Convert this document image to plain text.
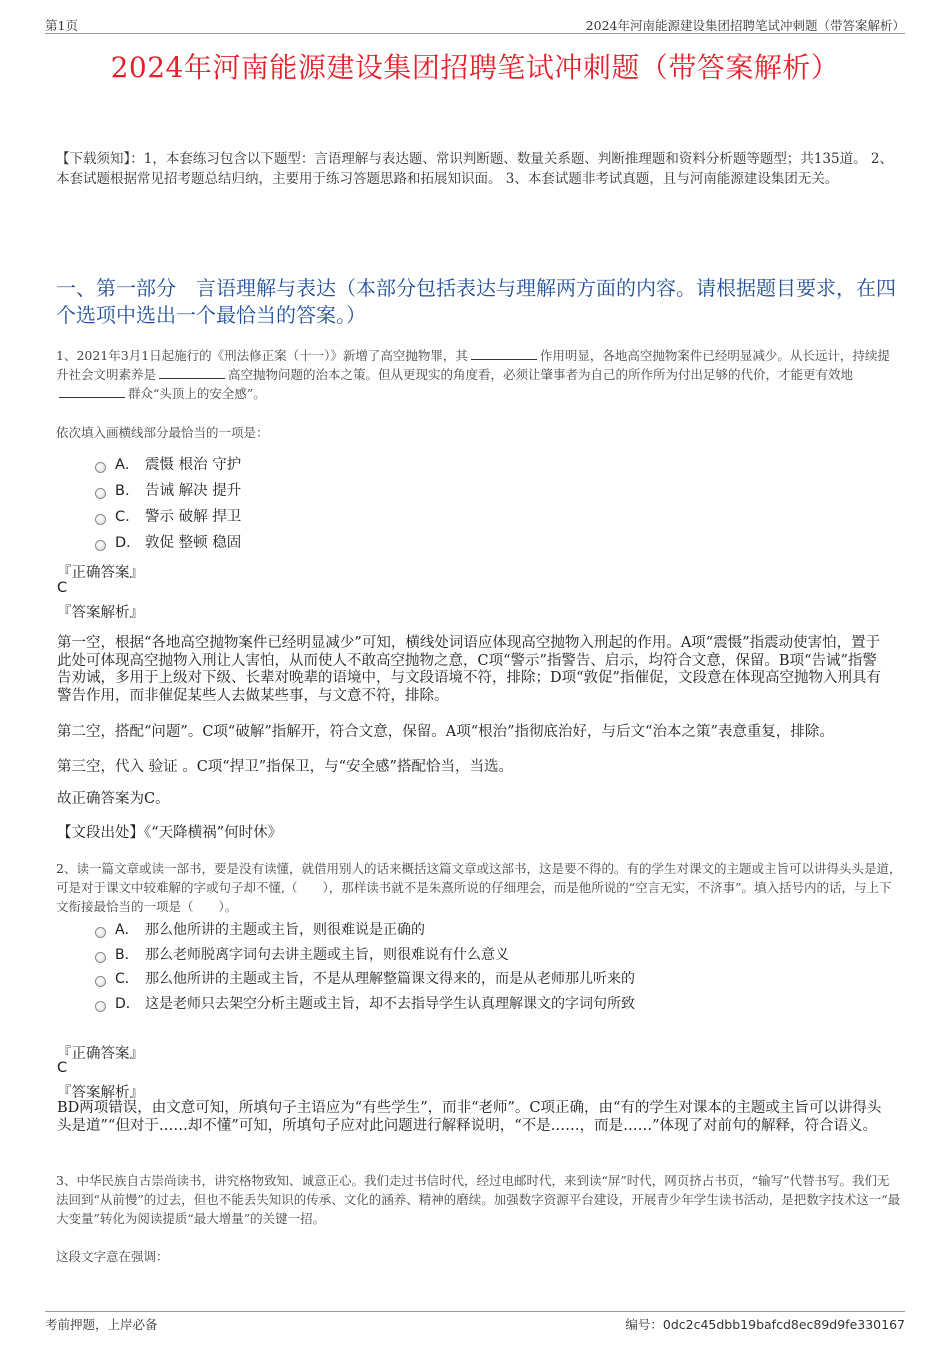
第1页	2024年河南能源建设集团招聘笔试冲刺题（带答案解析）
2024年河南能源建设集团招聘笔试冲刺题（带答案解析）
【下载须知】：1，本套练习包含以下题型：言语理解与表达题、常识判断题、数量关系题、判断推理题和资料分析题等题型；共135道。 2、本套试题根据常见招考题总结归纳，主要用于练习答题思路和拓展知识面。 3、本套试题非考试真题，且与河南能源建设集团无关。
一、第一部分　言语理解与表达（本部分包括表达与理解两方面的内容。请根据题目要求，在四个选项中选出一个最恰当的答案。）
1、2021年3月1日起施行的《刑法修正案（十一）》新增了高空抛物罪，其	作用明显，各地高空抛物案件已经明显减少。从长远计，持续提升社会文明素养是	高空抛物问题的治本之策。但从更现实的角度看，必须让肇事者为自己的所作所为付出足够的代价，才能更有效地群众“头顶上的安全感”。
依次填入画横线部分最恰当的一项是：
A． 震慑 根治 守护
B． 告诫 解决 提升
C． 警示 破解 捍卫
D． 敦促 整顿 稳固
『正确答案』
C
『答案解析』
第一空，根据“各地高空抛物案件已经明显减少”可知，横线处词语应体现高空抛物入刑起的作用。A项“震慑”指震动使害怕，置于此处可体现高空抛物入刑让人害怕，从而使人不敢高空抛物之意，C项“警示”指警告、启示，均符合文意，保留。B项“告诫”指警告劝诫，多用于上级对下级、长辈对晚辈的语境中，与文段语境不符，排除；D项“敦促”指催促，文段意在体现高空抛物入刑具有警告作用，而非催促某些人去做某些事，与文意不符，排除。
第二空，搭配“问题”。C项“破解”指解开，符合文意，保留。A项“根治”指彻底治好，与后文“治本之策”表意重复，排除。
第三空，代入 验证 。C项“捍卫”指保卫，与“安全感”搭配恰当，当选。
故正确答案为C。
【文段出处】《“天降横祸”何时休》
2、读一篇文章或读一部书，要是没有读懂，就借用别人的话来概括这篇文章或这部书，这是要不得的。有的学生对课文的主题或主旨可以讲得头头是道，可是对于课文中较难解的字或句子却不懂,（　　），那样读书就不是朱熹所说的仔细理会，而是他所说的“空言无实，不济事”。填入括号内的话，与上下文衔接最恰当的一项是（　　）。
A． 那么他所讲的主题或主旨，则很难说是正确的
B． 那么老师脱离字词句去讲主题或主旨，则很难说有什么意义
C． 那么他所讲的主题或主旨，不是从理解整篇课文得来的，而是从老师那儿听来的
D． 这是老师只去架空分析主题或主旨，却不去指导学生认真理解课文的字词句所致
『正确答案』
C
『答案解析』
BD两项错误，由文意可知，所填句子主语应为“有些学生”，而非“老师”。C项正确，由“有的学生对课本的主题或主旨可以讲得头头是道”“但对于……却不懂”可知，所填句子应对此问题进行解释说明，“不是……，而是……”体现了对前句的解释，符合语义。
3、中华民族自古崇尚读书，讲究格物致知、诚意正心。我们走过书信时代，经过电邮时代，来到读“屏”时代，网页挤占书页，“输写”代替书写。我们无法回到“从前慢”的过去，但也不能丢失知识的传承、文化的涵养、精神的磨续。加强数字资源平台建设，开展青少年学生读书活动，是把数字技术这一“最大变量”转化为阅读提质“最大增量”的关键一招。
这段文字意在强调：
考前押题，上岸必备	编号：0dc2c45dbb19bafcd8ec89d9fe330167
